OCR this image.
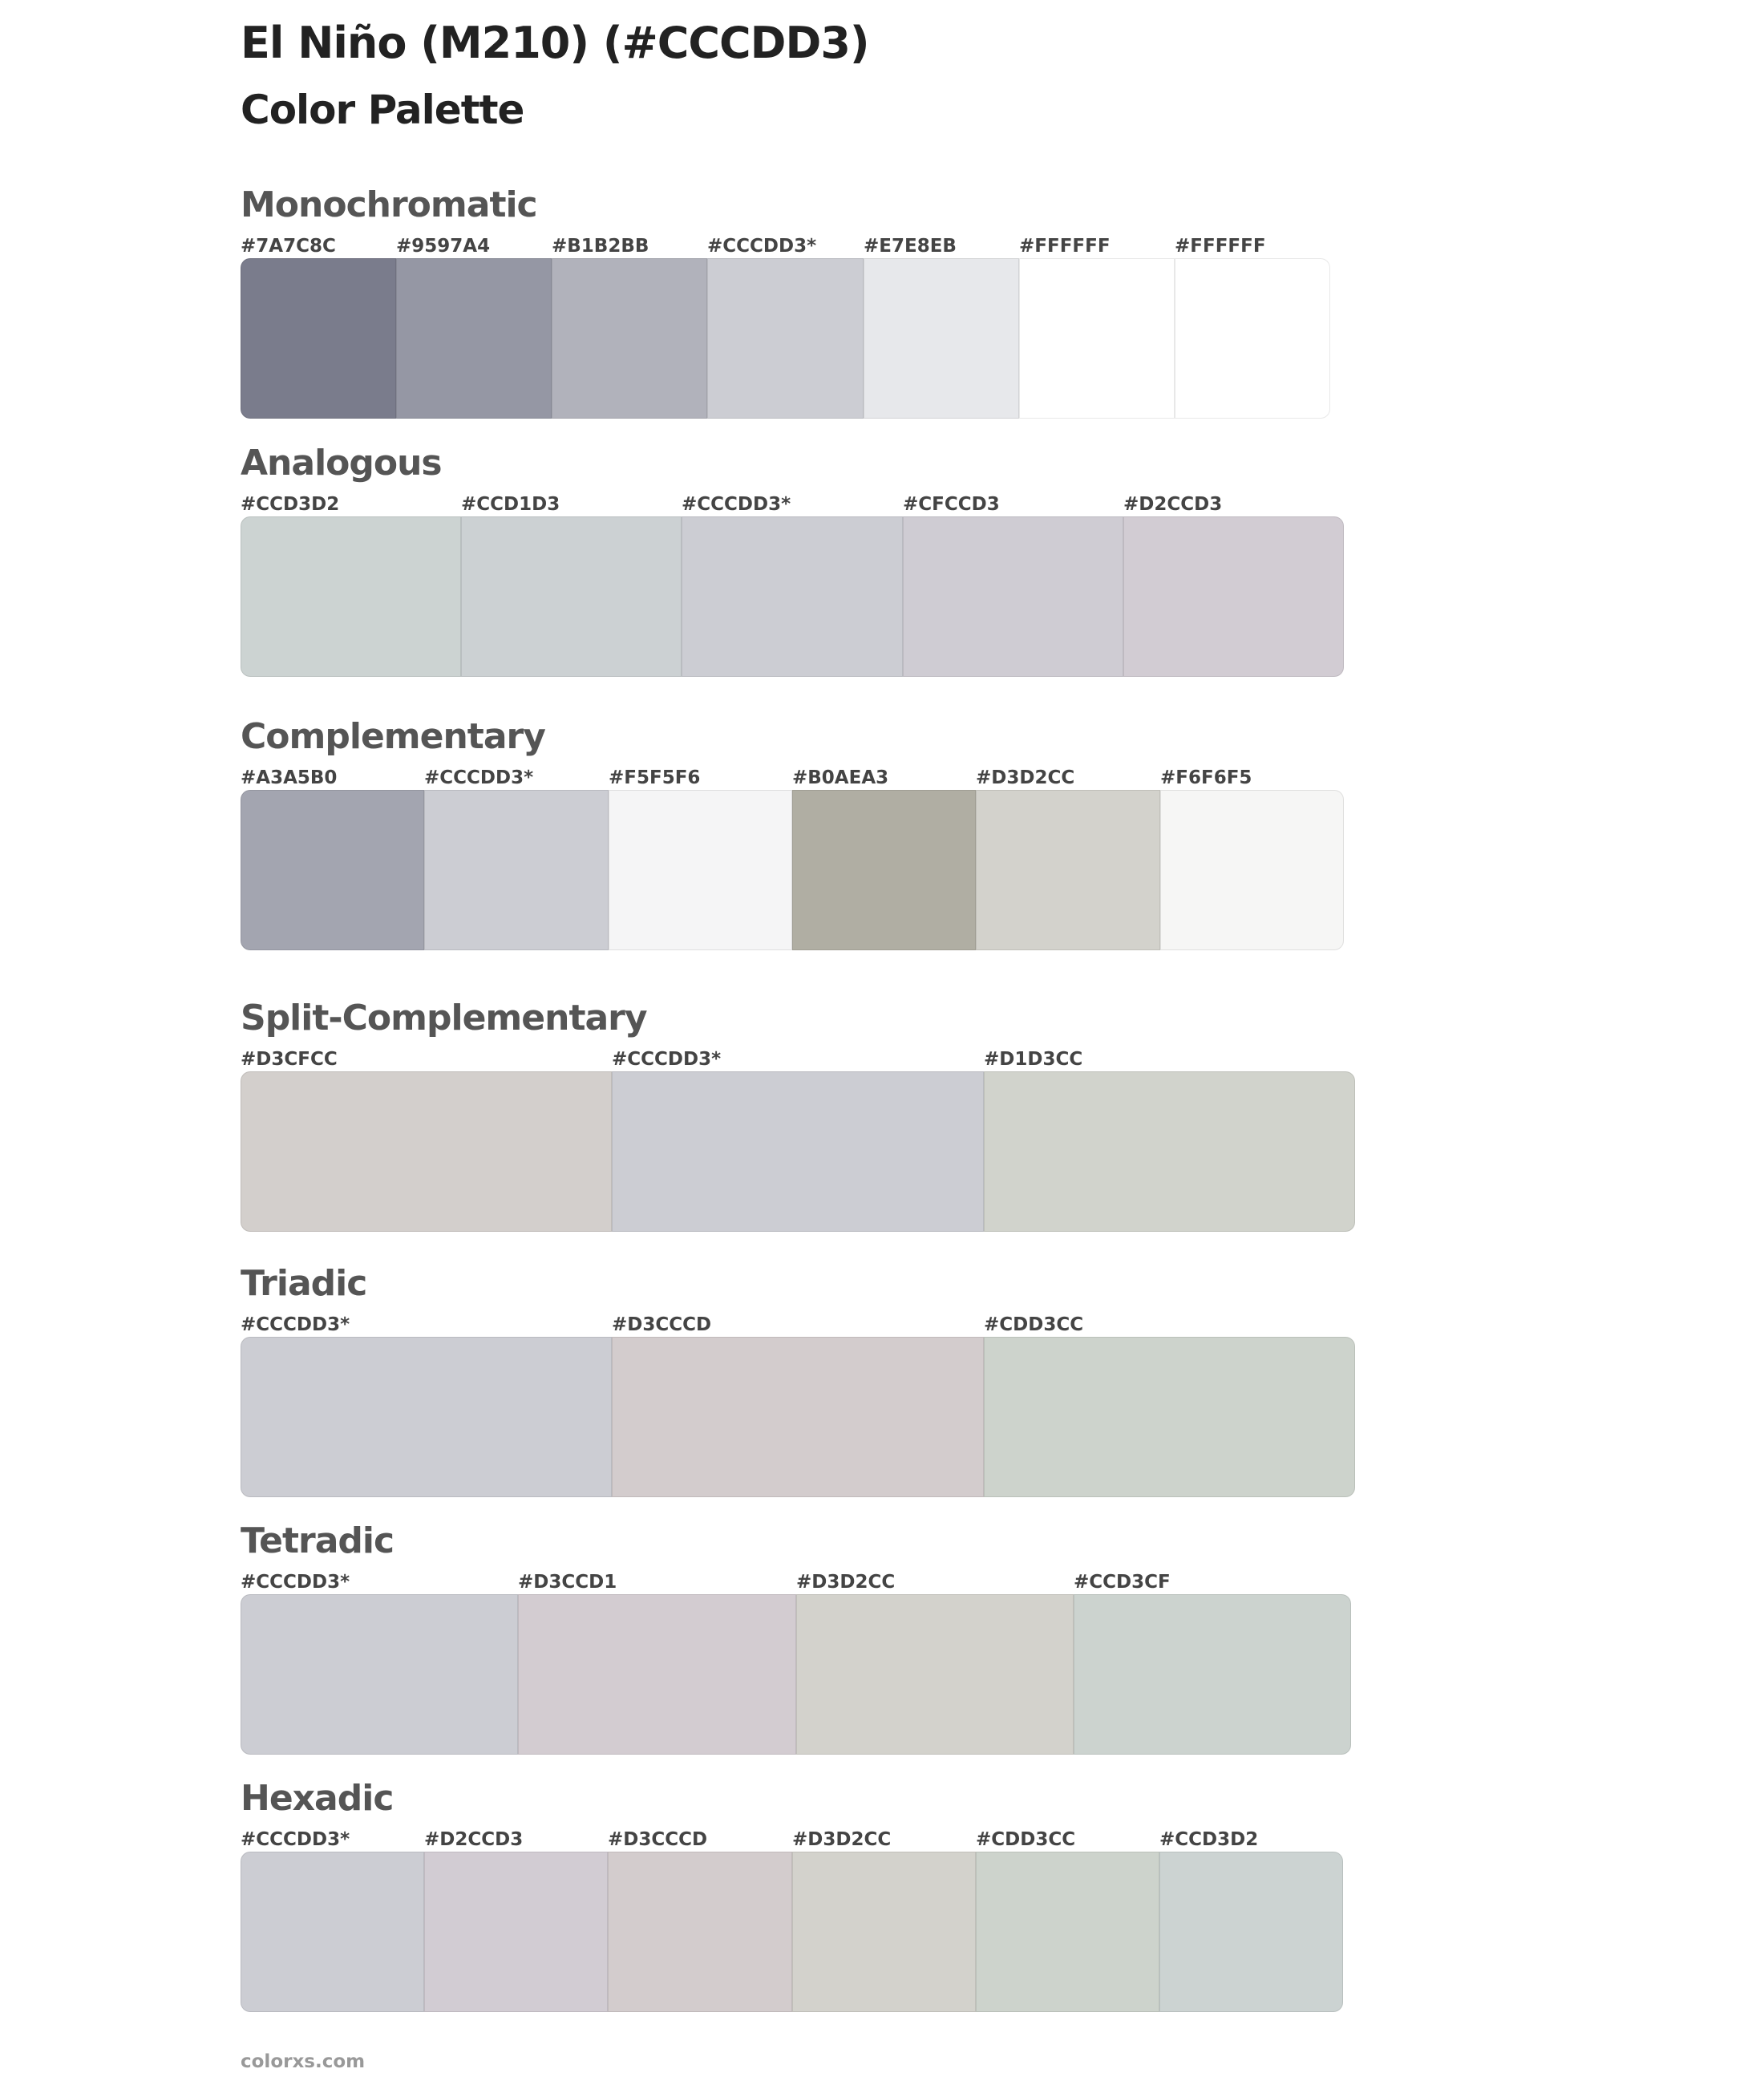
El Niño (M210) (#CCCDD3)
Color Palette
Monochromatic
#7A7C8C	#9597A4	#B1B2BB	#CCCDD3*	#E7E8EB	#FFFFFF	#FFFFFF
Analogous
#CCD3D2	#CCD1D3	#CCCDD3*	#CFCCD3	#D2CCD3
Complementary
#A3A5B0	#CCCDD3*	#F5F5F6	#B0AEA3	#D3D2CC	#F6F6F5
Split-Complementary
#D3CFCC	#CCCDD3*	#D1D3CC
Triadic
#CCCDD3*	#D3CCCD	#CDD3CC
Tetradic
#CCCDD3*	#D3CCD1	#D3D2CC	#CCD3CF
Hexadic
#CCCDD3*	#D2CCD3	#D3CCCD	#D3D2CC	#CDD3CC	#CCD3D2
colorxs.com
